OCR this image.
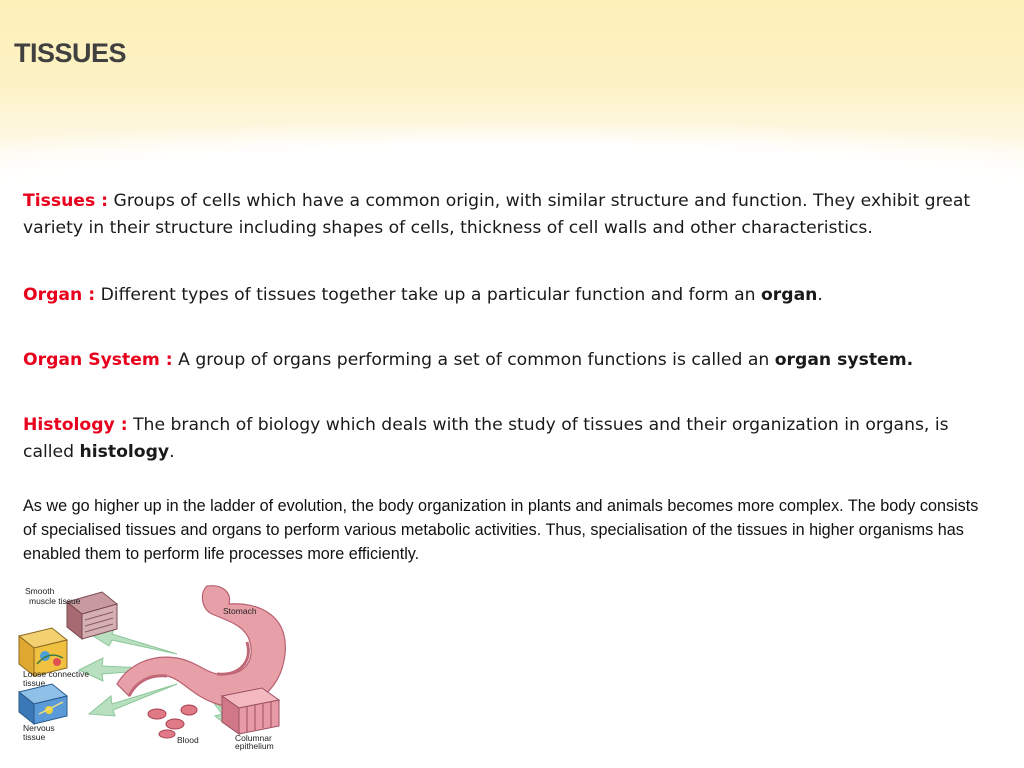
TISSUES

Tissues : Groups of cells which have a common origin, with similar structure and function. They exhibit great variety in their structure including shapes of cells, thickness of cell walls and other characteristics.

Organ : Different types of tissues together take up a particular function and form an organ.

Organ System : A group of organs performing a set of common functions is called an organ system.

Histology : The branch of biology which deals with the study of tissues and their organization in organs, is called histology.

As we go higher up in the ladder of evolution, the body organization in plants and animals becomes more complex. The body consists of specialised tissues and organs to perform various metabolic activities. Thus, specialisation of the tissues in higher organisms has enabled them to perform life processes more efficiently.

Smooth
muscle tissue
Stomach
Loose connective
tissue
Nervous
tissue	Blood	Columnar
epithelium
